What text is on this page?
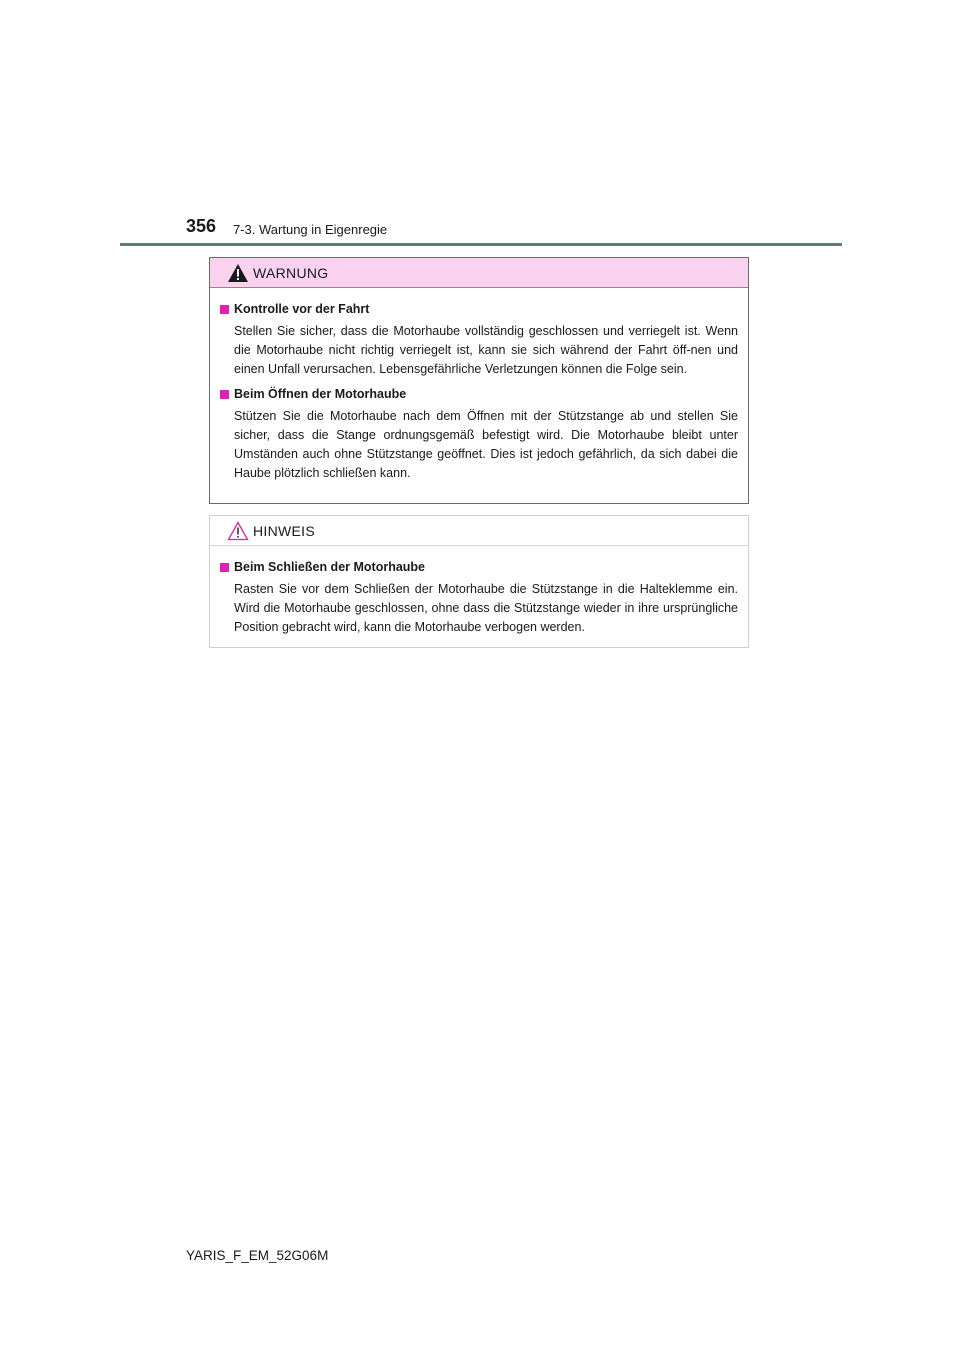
356 7-3. Wartung in Eigenregie
WARNUNG
Kontrolle vor der Fahrt
Stellen Sie sicher, dass die Motorhaube vollständig geschlossen und verriegelt ist. Wenn die Motorhaube nicht richtig verriegelt ist, kann sie sich während der Fahrt öff-nen und einen Unfall verursachen. Lebensgefährliche Verletzungen können die Folge sein.
Beim Öffnen der Motorhaube
Stützen Sie die Motorhaube nach dem Öffnen mit der Stützstange ab und stellen Sie sicher, dass die Stange ordnungsgemäß befestigt wird. Die Motorhaube bleibt unter Umständen auch ohne Stützstange geöffnet. Dies ist jedoch gefährlich, da sich dabei die Haube plötzlich schließen kann.
HINWEIS
Beim Schließen der Motorhaube
Rasten Sie vor dem Schließen der Motorhaube die Stützstange in die Halteklemme ein. Wird die Motorhaube geschlossen, ohne dass die Stützstange wieder in ihre ursprüngliche Position gebracht wird, kann die Motorhaube verbogen werden.
YARIS_F_EM_52G06M
